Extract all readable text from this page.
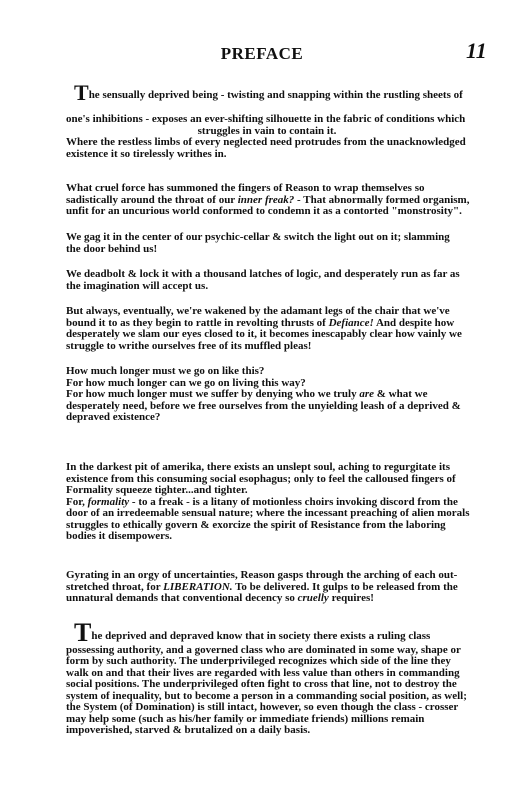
PREFACE	11
The sensually deprived being - twisting and snapping within the rustling sheets of
one's inhibitions - exposes an ever-shifting silhouette in the fabric of conditions which
struggles in vain to contain it.
Where the restless limbs of every neglected need protrudes from the unacknowledged
existence it so tirelessly writhes in.
What cruel force has summoned the fingers of Reason to wrap themselves so
sadistically around the throat of our inner freak? - That abnormally formed organism,
unfit for an uncurious world conformed to condemn it as a contorted "monstrosity".
We gag it in the center of our psychic-cellar & switch the light out on it; slamming
the door behind us!
We deadbolt & lock it with a thousand latches of logic, and desperately run as far as
the imagination will accept us.
But always, eventually, we're wakened by the adamant legs of the chair that we've
bound it to as they begin to rattle in revolting thrusts of Defiance! And despite how
desperately we slam our eyes closed to it, it becomes inescapably clear how vainly we
struggle to writhe ourselves free of its muffled pleas!
How much longer must we go on like this?
For how much longer can we go on living this way?
For how much longer must we suffer by denying who we truly are & what we
desperately need, before we free ourselves from the unyielding leash of a deprived &
depraved existence?
In the darkest pit of amerika, there exists an unslept soul, aching to regurgitate its
existence from this consuming social esophagus; only to feel the calloused fingers of
Formality squeeze tighter...and tighter.
For, formality - to a freak - is a litany of motionless choirs invoking discord from the
door of an irredeemable sensual nature; where the incessant preaching of alien morals
struggles to ethically govern & exorcize the spirit of Resistance from the laboring
bodies it disempowers.
Gyrating in an orgy of uncertainties, Reason gasps through the arching of each out-
stretched throat, for LIBERATION. To be delivered. It gulps to be released from the
unnatural demands that conventional decency so cruelly requires!
The deprived and depraved know that in society there exists a ruling class
possessing authority, and a governed class who are dominated in some way, shape or
form by such authority. The underprivileged recognizes which side of the line they
walk on and that their lives are regarded with less value than others in commanding
social positions. The underprivileged often fight to cross that line, not to destroy the
system of inequality, but to become a person in a commanding social position, as well;
the System (of Domination) is still intact, however, so even though the class - crosser
may help some (such as his/her family or immediate friends) millions remain
impoverished, starved & brutalized on a daily basis.
